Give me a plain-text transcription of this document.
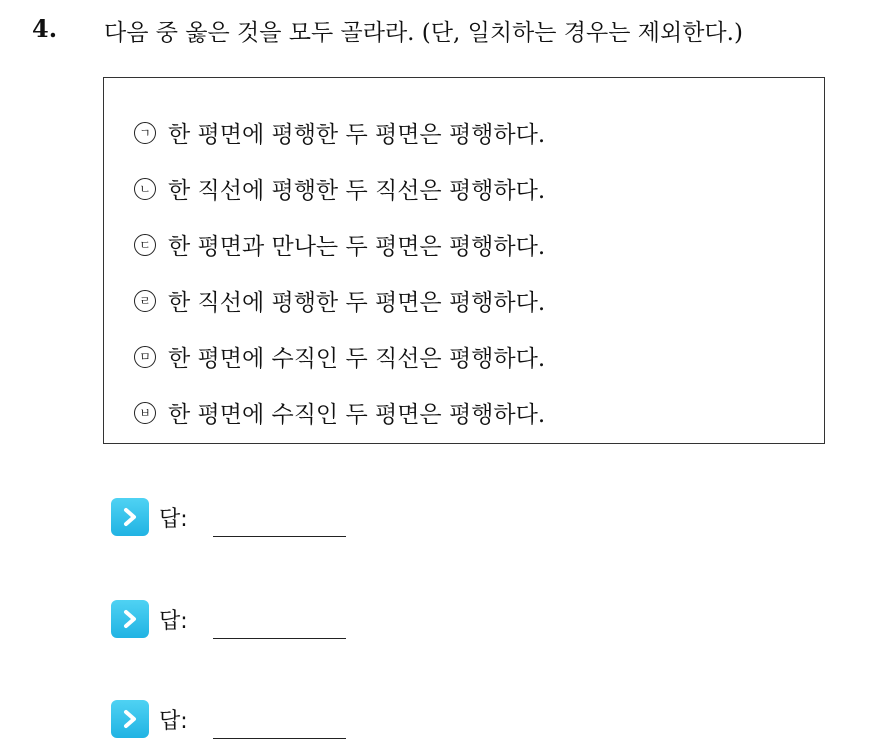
4. 다음 중 옳은 것을 모두 골라라. (단, 일치하는 경우는 제외한다.)
ㄱ 한 평면에 평행한 두 평면은 평행하다.
ㄴ 한 직선에 평행한 두 직선은 평행하다.
ㄷ 한 평면과 만나는 두 평면은 평행하다.
ㄹ 한 직선에 평행한 두 평면은 평행하다.
ㅁ 한 평면에 수직인 두 직선은 평행하다.
ㅂ 한 평면에 수직인 두 평면은 평행하다.
답:
답:
답:
